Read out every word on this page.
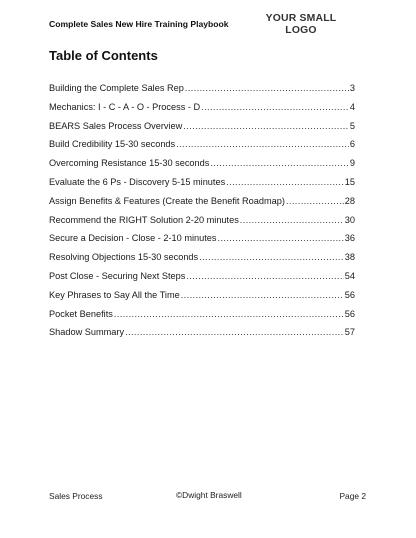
Complete Sales New Hire Training Playbook	YOUR SMALL
LOGO
Table of Contents
Building the Complete Sales Rep .....	3
Mechanics: I - C - A - O - Process - D .....	4
BEARS Sales Process Overview .....	5
Build Credibility 15-30 seconds .....	6
Overcoming Resistance 15-30 seconds .....	9
Evaluate the 6 Ps - Discovery 5-15 minutes .....	15
Assign Benefits & Features (Create the Benefit Roadmap) .....	28
Recommend the RIGHT Solution 2-20 minutes .....	30
Secure a Decision - Close - 2-10 minutes .....	36
Resolving Objections 15-30 seconds .....	38
Post Close - Securing Next Steps .....	54
Key Phrases to Say All the Time .....	56
Pocket Benefits .....	56
Shadow Summary .....	57
Sales Process	©Dwight Braswell	Page 2
